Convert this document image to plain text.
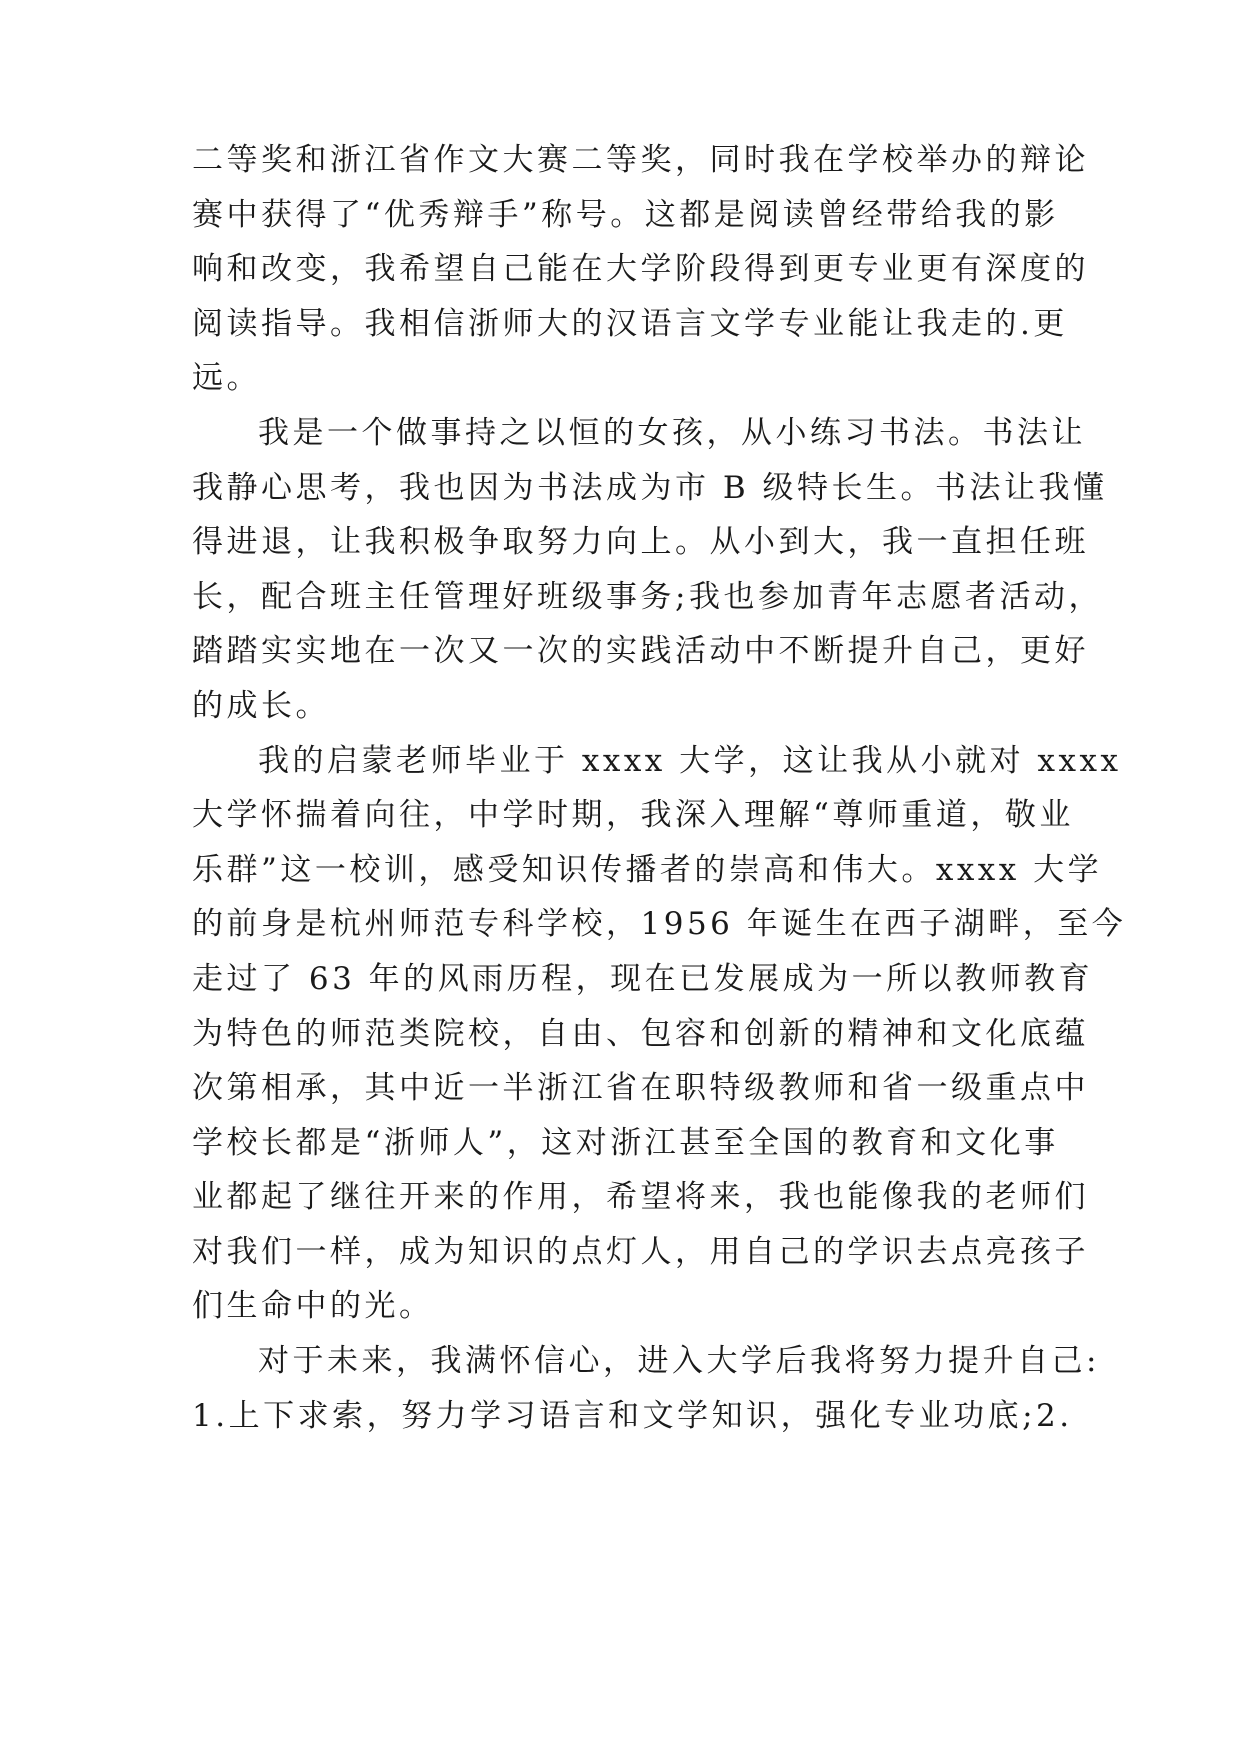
二等奖和浙江省作文大赛二等奖，同时我在学校举办的辩论
赛中获得了“优秀辩手”称号。这都是阅读曾经带给我的影
响和改变，我希望自己能在大学阶段得到更专业更有深度的
阅读指导。我相信浙师大的汉语言文学专业能让我走的.更
远。
我是一个做事持之以恒的女孩，从小练习书法。书法让
我静心思考，我也因为书法成为市 B 级特长生。书法让我懂
得进退，让我积极争取努力向上。从小到大，我一直担任班
长，配合班主任管理好班级事务;我也参加青年志愿者活动，
踏踏实实地在一次又一次的实践活动中不断提升自己，更好
的成长。
我的启蒙老师毕业于 xxxx 大学，这让我从小就对 xxxx
大学怀揣着向往，中学时期，我深入理解“尊师重道，敬业
乐群”这一校训，感受知识传播者的崇高和伟大。xxxx 大学
的前身是杭州师范专科学校，1956 年诞生在西子湖畔，至今
走过了 63 年的风雨历程，现在已发展成为一所以教师教育
为特色的师范类院校，自由、包容和创新的精神和文化底蕴
次第相承，其中近一半浙江省在职特级教师和省一级重点中
学校长都是“浙师人”，这对浙江甚至全国的教育和文化事
业都起了继往开来的作用，希望将来，我也能像我的老师们
对我们一样，成为知识的点灯人，用自己的学识去点亮孩子
们生命中的光。
对于未来，我满怀信心，进入大学后我将努力提升自己:
1.上下求索，努力学习语言和文学知识，强化专业功底;2.
